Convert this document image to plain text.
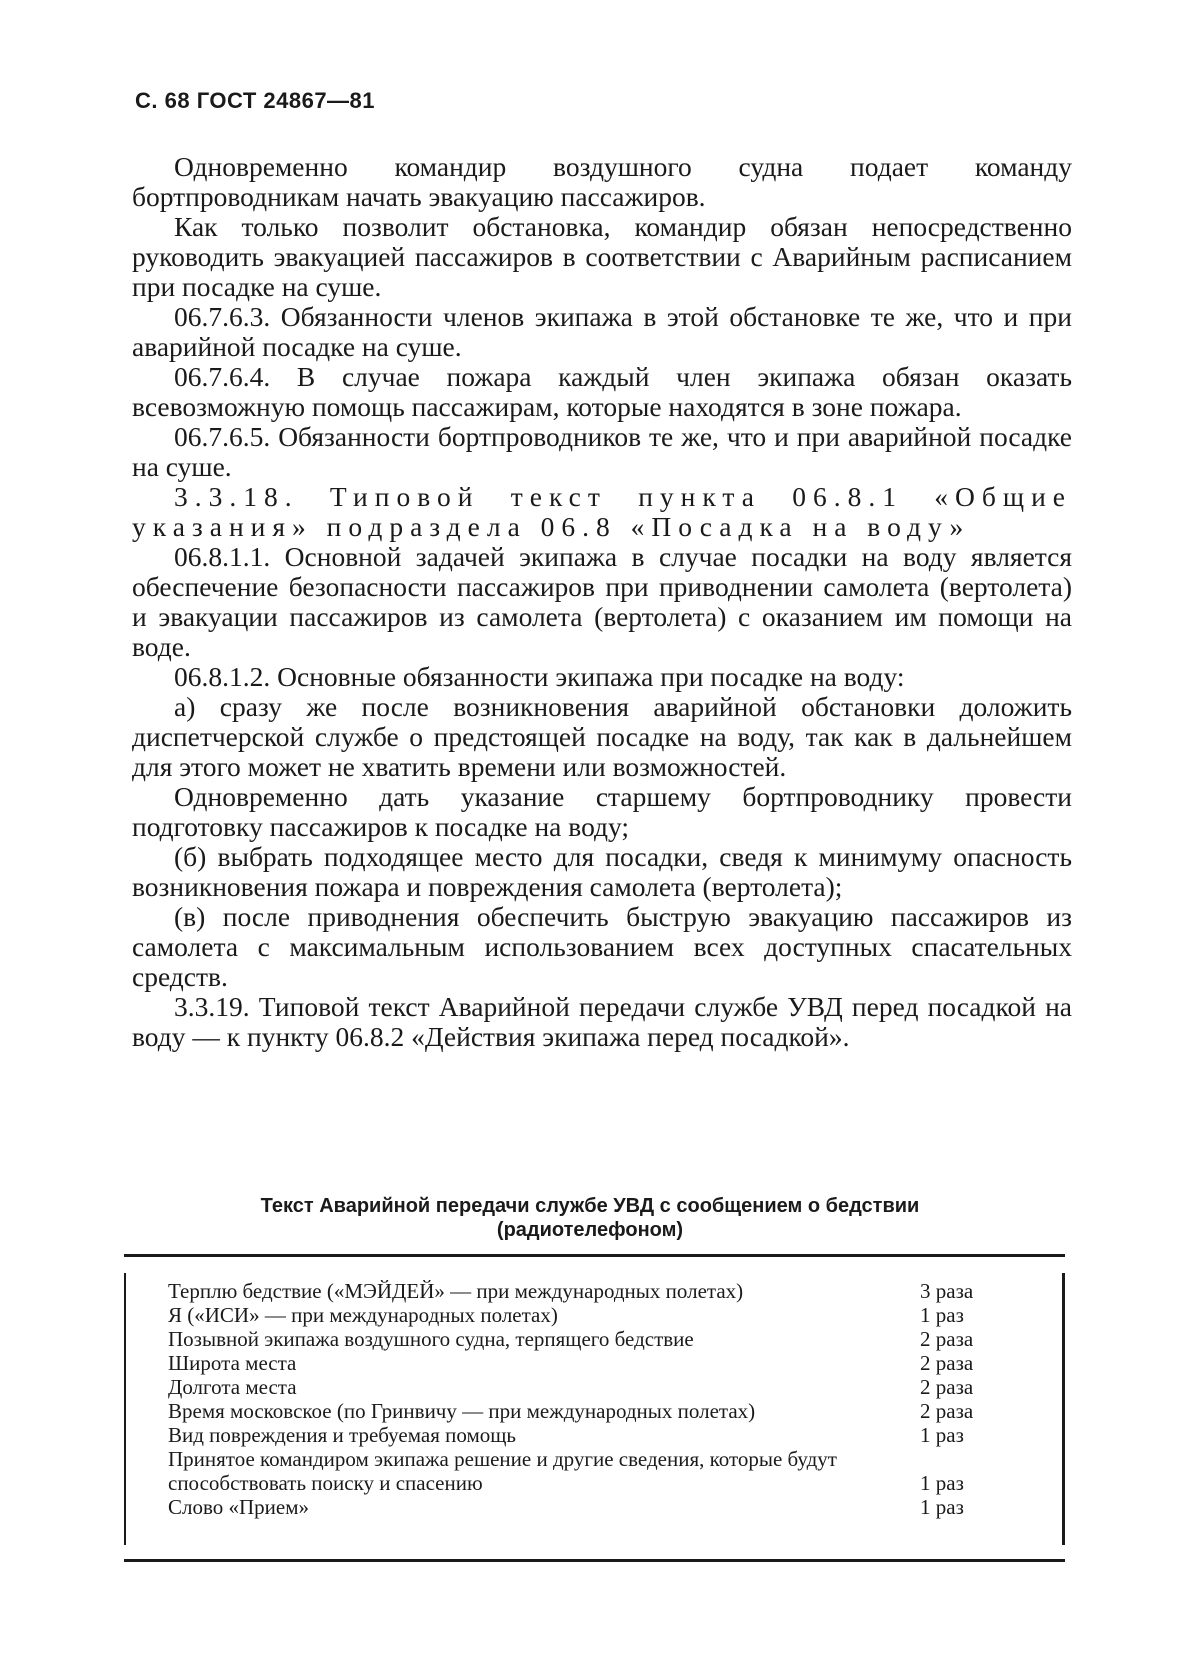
С. 68 ГОСТ 24867—81

Одновременно командир воздушного судна подает команду бортпроводникам начать эвакуацию пассажиров.

Как только позволит обстановка, командир обязан непосредственно руководить эвакуацией пассажиров в соответствии с Аварийным расписанием при посадке на суше.

06.7.6.3. Обязанности членов экипажа в этой обстановке те же, что и при аварийной посадке на суше.

06.7.6.4. В случае пожара каждый член экипажа обязан оказать всевозможную помощь пассажирам, которые находятся в зоне пожара.

06.7.6.5. Обязанности бортпроводников те же, что и при аварийной посадке на суше.

3.3.18. Типовой текст пункта 06.8.1 «Общие указания» подраздела 06.8 «Посадка на воду»

06.8.1.1. Основной задачей экипажа в случае посадки на воду является обеспечение безопасности пассажиров при приводнении самолета (вертолета) и эвакуации пассажиров из самолета (вертолета) с оказанием им помощи на воде.

06.8.1.2. Основные обязанности экипажа при посадке на воду:

а) сразу же после возникновения аварийной обстановки доложить диспетчерской службе о предстоящей посадке на воду, так как в дальнейшем для этого может не хватить времени или возможностей.

Одновременно дать указание старшему бортпроводнику провести подготовку пассажиров к посадке на воду;

(б) выбрать подходящее место для посадки, сведя к минимуму опасность возникновения пожара и повреждения самолета (вертолета);

(в) после приводнения обеспечить быструю эвакуацию пассажиров из самолета с максимальным использованием всех доступных спасательных средств.

3.3.19. Типовой текст Аварийной передачи службе УВД перед посадкой на воду — к пункту 06.8.2 «Действия экипажа перед посадкой».

Текст Аварийной передачи службе УВД с сообщением о бедствии
(радиотелефоном)
Терплю бедствие («МЭЙДЕЙ» — при международных полетах)	3 раза
Я («ИСИ» — при международных полетах)	1 раз
Позывной экипажа воздушного судна, терпящего бедствие	2 раза
Широта места	2 раза
Долгота места	2 раза
Время московское (по Гринвичу — при международных полетах)	2 раза
Вид повреждения и требуемая помощь	1 раз
Принятое командиром экипажа решение и другие сведения, которые будут способствовать поиску и спасению	1 раз
Слово «Прием»	1 раз
